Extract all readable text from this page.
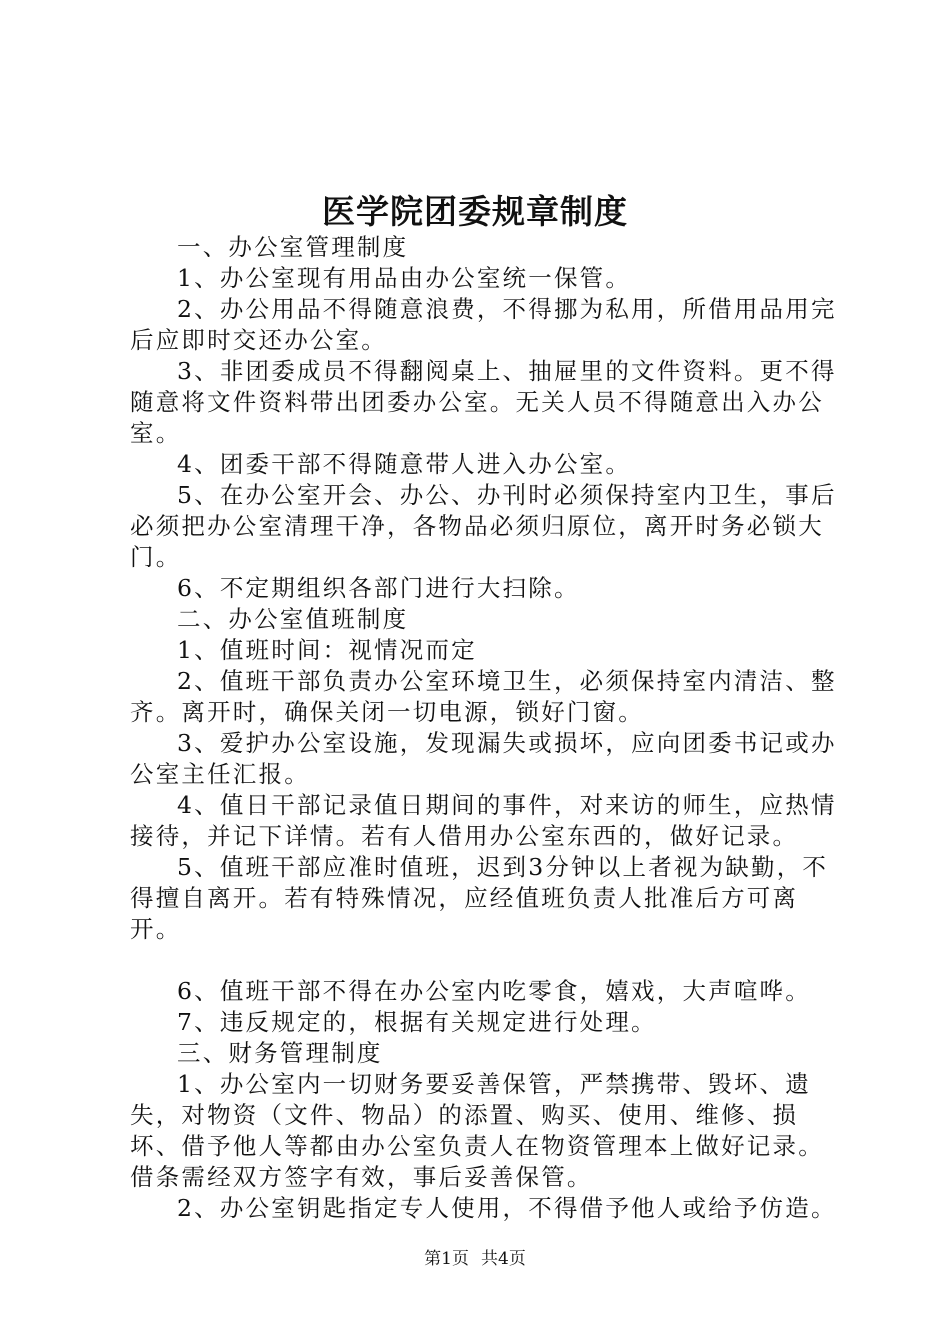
医学院团委规章制度

一、办公室管理制度

1、办公室现有用品由办公室统一保管。

2、办公用品不得随意浪费，不得挪为私用，所借用品用完后应即时交还办公室。

3、非团委成员不得翻阅桌上、抽屉里的文件资料。更不得随意将文件资料带出团委办公室。无关人员不得随意出入办公室。

4、团委干部不得随意带人进入办公室。

5、在办公室开会、办公、办刊时必须保持室内卫生，事后必须把办公室清理干净，各物品必须归原位，离开时务必锁大门。

6、不定期组织各部门进行大扫除。

二、办公室值班制度

1、值班时间：视情况而定

2、值班干部负责办公室环境卫生，必须保持室内清洁、整齐。离开时，确保关闭一切电源，锁好门窗。

3、爱护办公室设施，发现漏失或损坏，应向团委书记或办公室主任汇报。

4、值日干部记录值日期间的事件，对来访的师生，应热情接待，并记下详情。若有人借用办公室东西的，做好记录。

5、值班干部应准时值班，迟到3分钟以上者视为缺勤，不得擅自离开。若有特殊情况，应经值班负责人批准后方可离开。

6、值班干部不得在办公室内吃零食，嬉戏，大声喧哗。

7、违反规定的，根据有关规定进行处理。

三、财务管理制度

1、办公室内一切财务要妥善保管，严禁携带、毁坏、遗失，对物资（文件、物品）的添置、购买、使用、维修、损坏、借予他人等都由办公室负责人在物资管理本上做好记录。借条需经双方签字有效，事后妥善保管。

2、办公室钥匙指定专人使用，不得借予他人或给予仿造。

第1页 共4页
